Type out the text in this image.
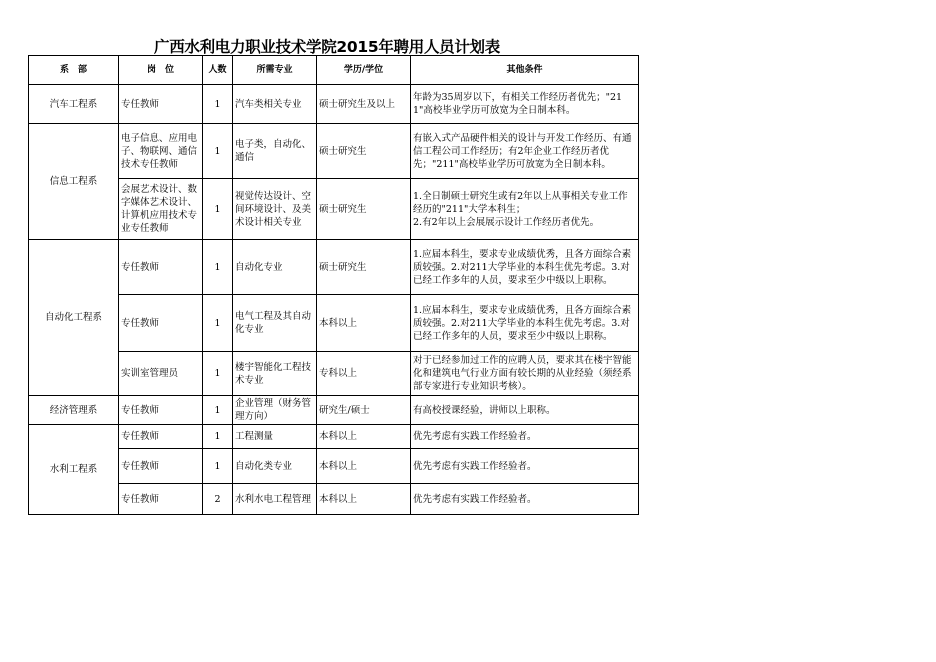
广西水利电力职业技术学院2015年聘用人员计划表
系　部	岗　位	人数	所需专业	学历/学位	其他条件
汽车工程系	专任教师	1	汽车类相关专业	硕士研究生及以上	年龄为35周岁以下，有相关工作经历者优先；"211"高校毕业学历可放宽为全日制本科。
信息工程系	电子信息、应用电子、物联网、通信技术专任教师	1	电子类，自动化、通信	硕士研究生	有嵌入式产品硬件相关的设计与开发工作经历、有通信工程公司工作经历；有2年企业工作经历者优先；"211"高校毕业学历可放宽为全日制本科。
	会展艺术设计、数字媒体艺术设计、计算机应用技术专业专任教师	1	视觉传达设计、空间环境设计、及美术设计相关专业	硕士研究生	1.全日制硕士研究生或有2年以上从事相关专业工作经历的"211"大学本科生；
2.有2年以上会展展示设计工作经历者优先。
自动化工程系	专任教师	1	自动化专业	硕士研究生	1.应届本科生，要求专业成绩优秀，且各方面综合素质较强。2.对211大学毕业的本科生优先考虑。3.对已经工作多年的人员，要求至少中级以上职称。
	专任教师	1	电气工程及其自动化专业	本科以上	1.应届本科生，要求专业成绩优秀，且各方面综合素质较强。2.对211大学毕业的本科生优先考虑。3.对已经工作多年的人员，要求至少中级以上职称。
	实训室管理员	1	楼宇智能化工程技术专业	专科以上	对于已经参加过工作的应聘人员，要求其在楼宇智能化和建筑电气行业方面有较长期的从业经验（须经系部专家进行专业知识考核）。
经济管理系	专任教师	1	企业管理（财务管理方向）	研究生/硕士	有高校授课经验，讲师以上职称。
水利工程系	专任教师	1	工程测量	本科以上	优先考虑有实践工作经验者。
	专任教师	1	自动化类专业	本科以上	优先考虑有实践工作经验者。
	专任教师	2	水利水电工程管理	本科以上	优先考虑有实践工作经验者。
